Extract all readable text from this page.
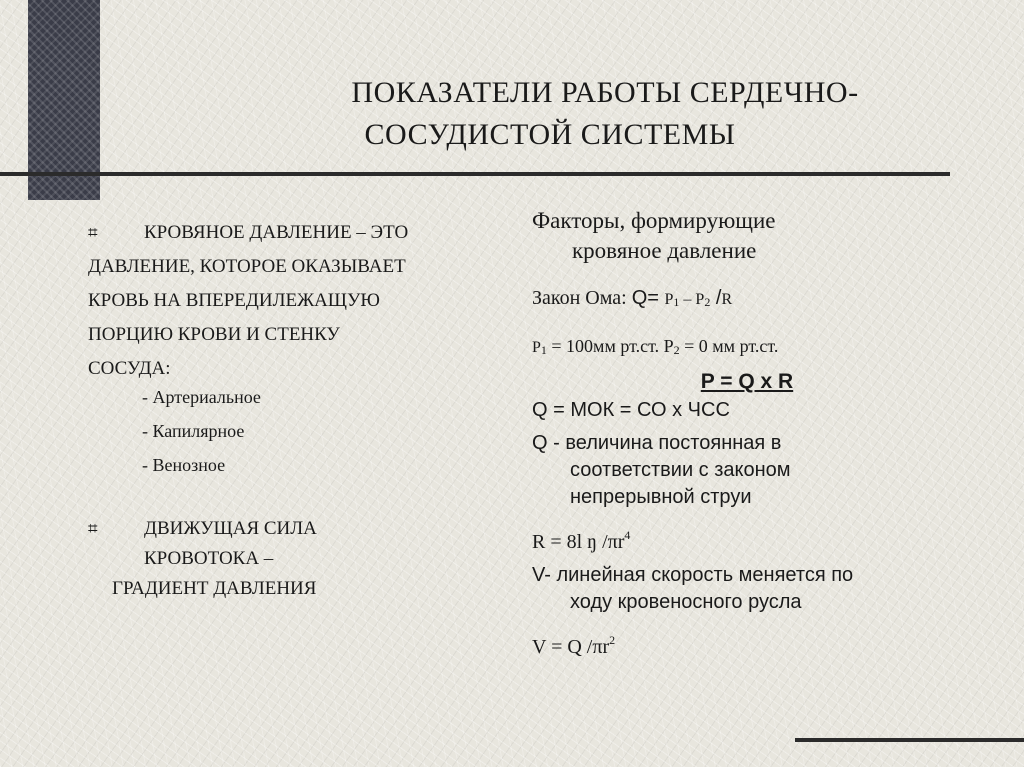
ПОКАЗАТЕЛИ РАБОТЫ СЕРДЕЧНО-
СОСУДИСТОЙ СИСТЕМЫ
⌗	КРОВЯНОЕ ДАВЛЕНИЕ – ЭТО
ДАВЛЕНИЕ, КОТОРОЕ ОКАЗЫВАЕТ
КРОВЬ НА ВПЕРЕДИЛЕЖАЩУЮ
ПОРЦИЮ КРОВИ И СТЕНКУ
СОСУДА:
- Артериальное
- Капилярное
- Венозное
⌗	ДВИЖУЩАЯ СИЛА
КРОВОТОКА –
ГРАДИЕНТ ДАВЛЕНИЯ
Факторы, формирующие
кровяное давление
Закон Ома: Q= P1 – P2 /R
P1 = 100мм рт.ст. P2 = 0 мм рт.ст.
P = Q x R
Q = МОК = СО х ЧСС
Q - величина постоянная в
соответствии с законом
непрерывной струи
R = 8l ŋ $/\pi r^4$
V- линейная скорость меняется по
ходу кровеносного русла
V = Q $/\pi r^2$
